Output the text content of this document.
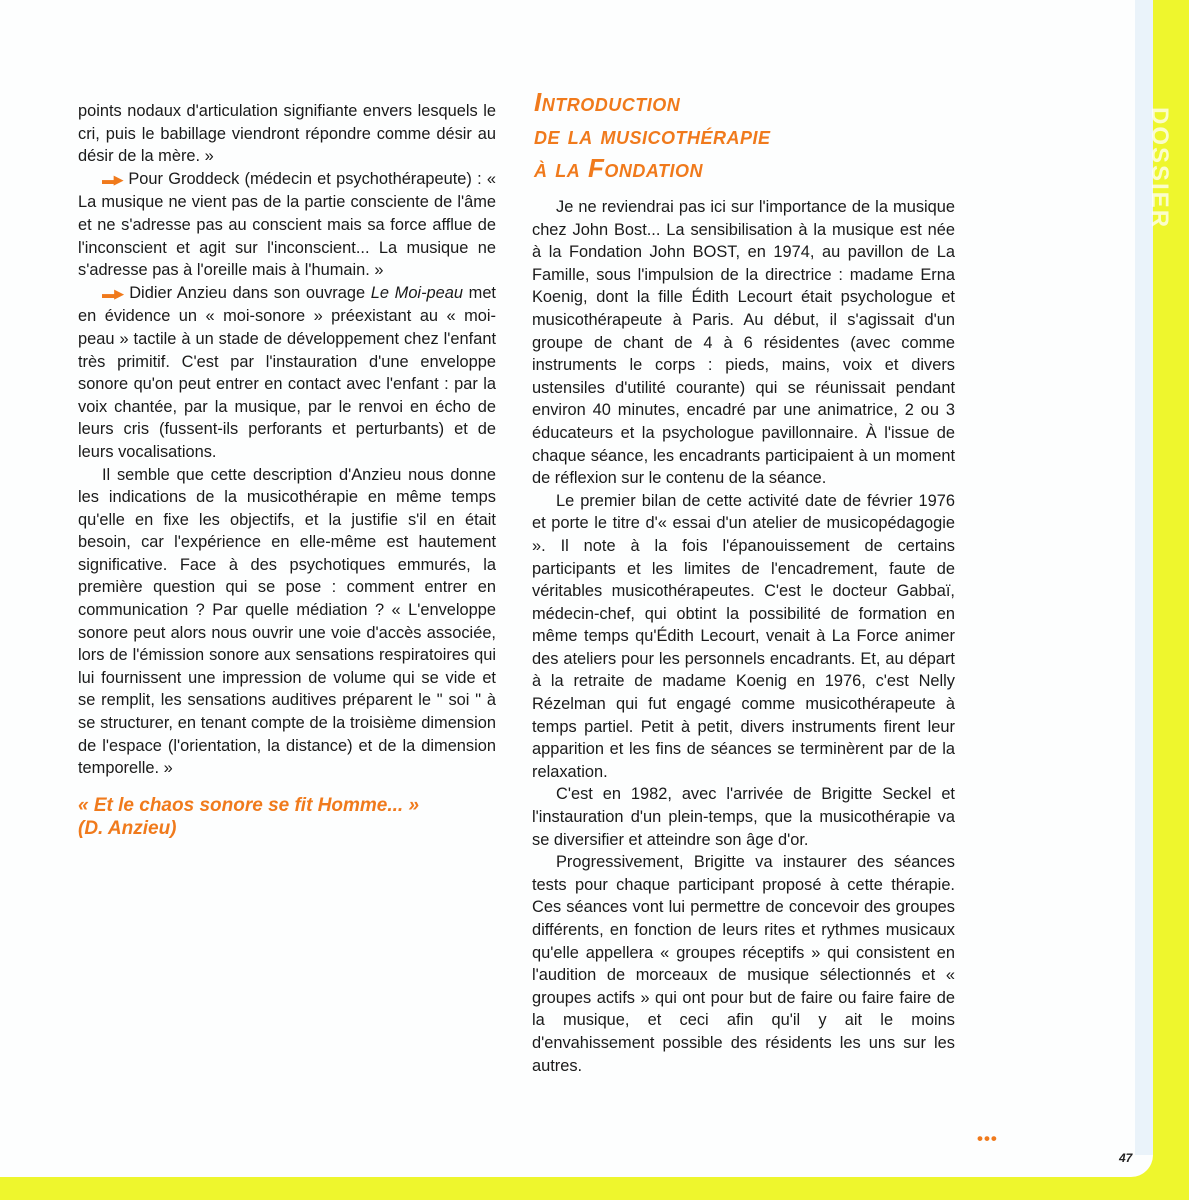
DOSSIER

points nodaux d'articulation signifiante envers lesquels le cri, puis le babillage viendront répondre comme désir au désir de la mère. »

▬▶ Pour Groddeck (médecin et psychothérapeute) : « La musique ne vient pas de la partie consciente de l'âme et ne s'adresse pas au conscient mais sa force afflue de l'inconscient et agit sur l'inconscient... La musique ne s'adresse pas à l'oreille mais à l'humain. »

▬▶ Didier Anzieu dans son ouvrage Le Moi-peau met en évidence un « moi-sonore » préexistant au « moi-peau » tactile à un stade de développement chez l'enfant très primitif. C'est par l'instauration d'une enveloppe sonore qu'on peut entrer en contact avec l'enfant : par la voix chantée, par la musique, par le renvoi en écho de leurs cris (fussent-ils perforants et perturbants) et de leurs vocalisations.

Il semble que cette description d'Anzieu nous donne les indications de la musicothérapie en même temps qu'elle en fixe les objectifs, et la justifie s'il en était besoin, car l'expérience en elle-même est hautement significative. Face à des psychotiques emmurés, la première question qui se pose : comment entrer en communication ? Par quelle médiation ? « L'enveloppe sonore peut alors nous ouvrir une voie d'accès associée, lors de l'émission sonore aux sensations respiratoires qui lui fournissent une impression de volume qui se vide et se remplit, les sensations auditives préparent le " soi " à se structurer, en tenant compte de la troisième dimension de l'espace (l'orientation, la distance) et de la dimension temporelle. »

« Et le chaos sonore se fit Homme... »
(D. Anzieu)
Introduction
de la musicothérapie
à la Fondation

Je ne reviendrai pas ici sur l'importance de la musique chez John Bost... La sensibilisation à la musique est née à la Fondation John BOST, en 1974, au pavillon de La Famille, sous l'impulsion de la directrice : madame Erna Koenig, dont la fille Édith Lecourt était psychologue et musicothérapeute à Paris. Au début, il s'agissait d'un groupe de chant de 4 à 6 résidentes (avec comme instruments le corps : pieds, mains, voix et divers ustensiles d'utilité courante) qui se réunissait pendant environ 40 minutes, encadré par une animatrice, 2 ou 3 éducateurs et la psychologue pavillonnaire. À l'issue de chaque séance, les encadrants participaient à un moment de réflexion sur le contenu de la séance.

Le premier bilan de cette activité date de février 1976 et porte le titre d'« essai d'un atelier de musicopédagogie ». Il note à la fois l'épanouissement de certains participants et les limites de l'encadrement, faute de véritables musicothérapeutes. C'est le docteur Gabbaï, médecin-chef, qui obtint la possibilité de formation en même temps qu'Édith Lecourt, venait à La Force animer des ateliers pour les personnels encadrants. Et, au départ à la retraite de madame Koenig en 1976, c'est Nelly Rézelman qui fut engagé comme musicothérapeute à temps partiel. Petit à petit, divers instruments firent leur apparition et les fins de séances se terminèrent par de la relaxation.

C'est en 1982, avec l'arrivée de Brigitte Seckel et l'instauration d'un plein-temps, que la musicothérapie va se diversifier et atteindre son âge d'or.

Progressivement, Brigitte va instaurer des séances tests pour chaque participant proposé à cette thérapie. Ces séances vont lui permettre de concevoir des groupes différents, en fonction de leurs rites et rythmes musicaux qu'elle appellera « groupes réceptifs » qui consistent en l'audition de morceaux de musique sélectionnés et « groupes actifs » qui ont pour but de faire ou faire faire de la musique, et ceci afin qu'il y ait le moins d'envahissement possible des résidents les uns sur les autres.

•••
47
